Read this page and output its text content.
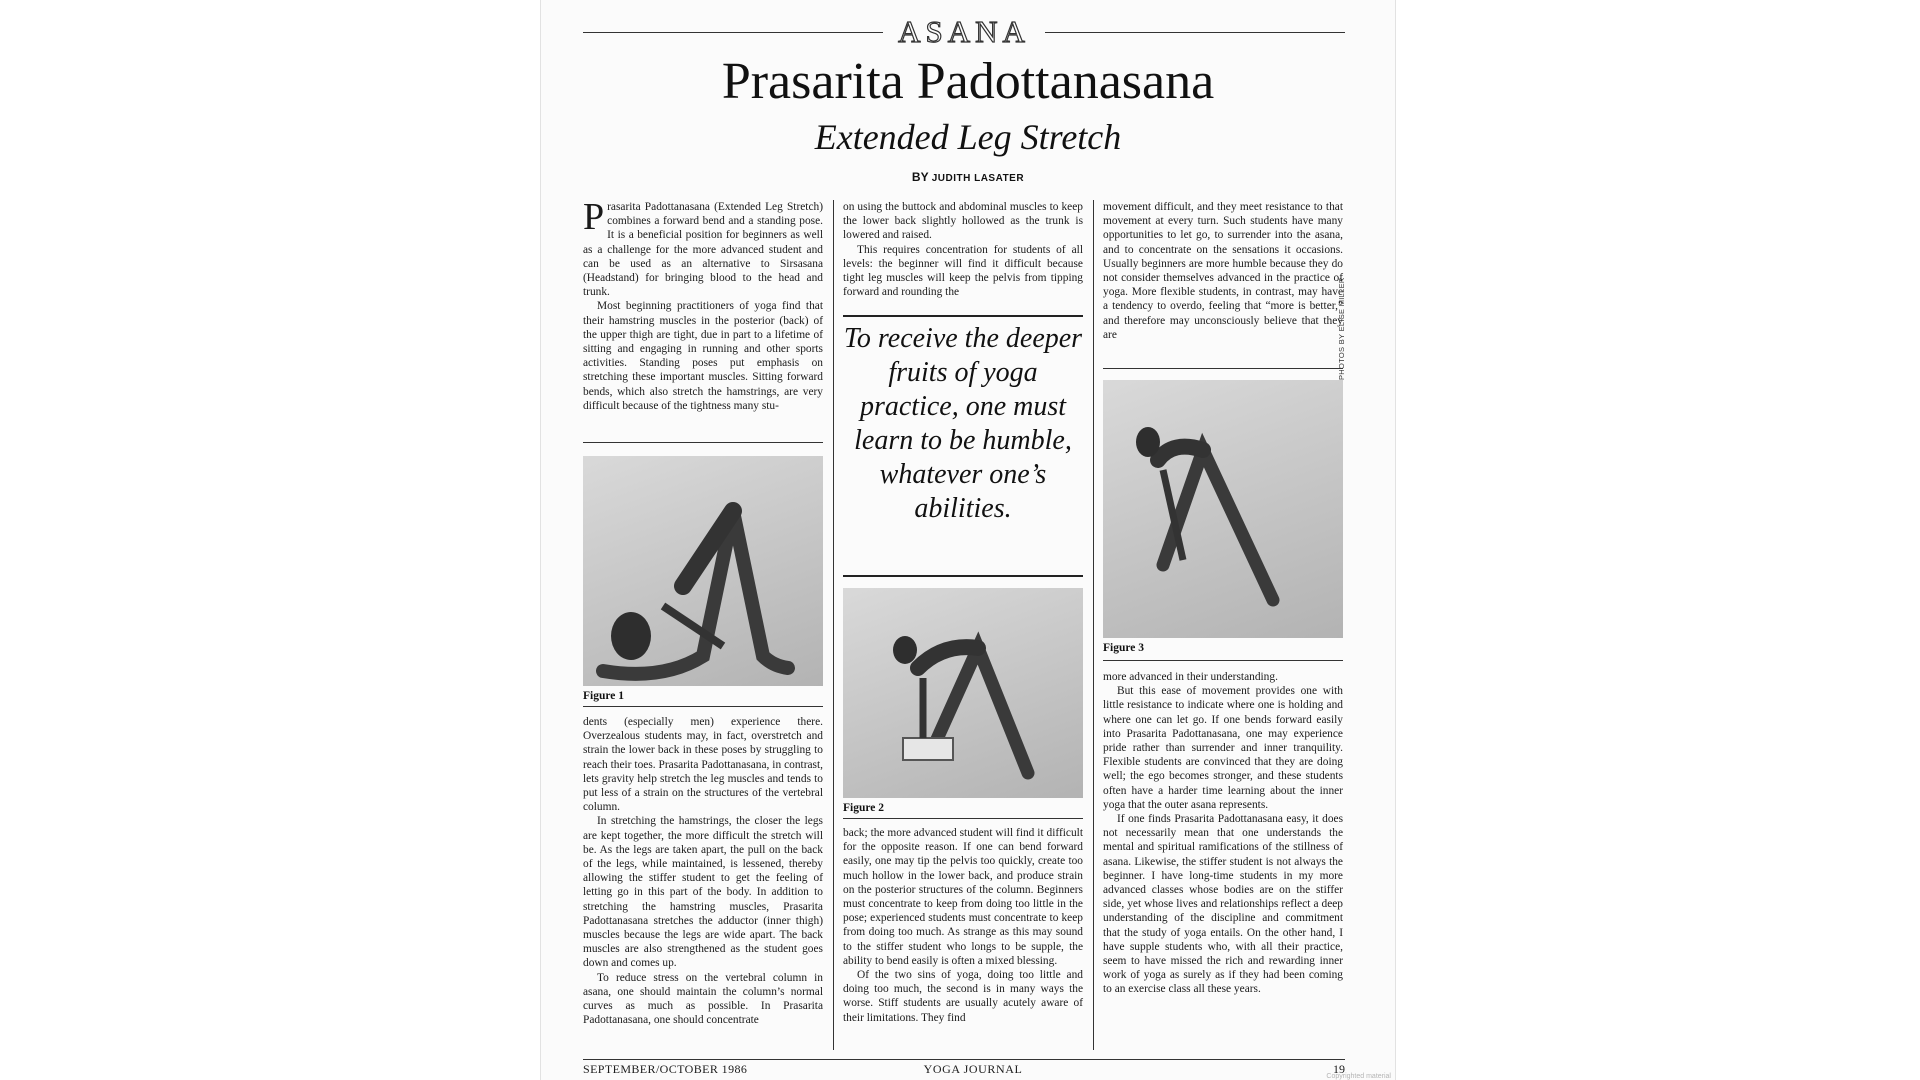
ASANA
Prasarita Padottanasana
Extended Leg Stretch
BY JUDITH LASATER

Prasarita Padottanasana (Extended Leg Stretch) combines a forward bend and a standing pose. It is a beneficial position for beginners as well as a challenge for the more advanced student and can be used as an alternative to Sirsasana (Headstand) for bringing blood to the head and trunk.

Most beginning practitioners of yoga find that their hamstring muscles in the posterior (back) of the upper thigh are tight, due in part to a lifetime of sitting and engaging in running and other sports activities. Standing poses put emphasis on stretching these important muscles. Sitting forward bends, which also stretch the hamstrings, are very difficult because of the tightness many stu-

Figure 1

dents (especially men) experience there. Overzealous students may, in fact, overstretch and strain the lower back in these poses by struggling to reach their toes. Prasarita Padottanasana, in contrast, lets gravity help stretch the leg muscles and tends to put less of a strain on the structures of the vertebral column.

In stretching the hamstrings, the closer the legs are kept together, the more difficult the stretch will be. As the legs are taken apart, the pull on the back of the legs, while maintained, is lessened, thereby allowing the stiffer student to get the feeling of letting go in this part of the body. In addition to stretching the hamstring muscles, Prasarita Padottanasana stretches the adductor (inner thigh) muscles because the legs are wide apart. The back muscles are also strengthened as the student goes down and comes up.

To reduce stress on the vertebral column in asana, one should maintain the column’s normal curves as much as possible. In Prasarita Padottanasana, one should concentrate

on using the buttock and abdominal muscles to keep the lower back slightly hollowed as the trunk is lowered and raised.

This requires concentration for students of all levels: the beginner will find it difficult because tight leg muscles will keep the pelvis from tipping forward and rounding the

To receive the deeper fruits of yoga practice, one must learn to be humble, whatever one’s abilities.
Figure 2

back; the more advanced student will find it difficult for the opposite reason. If one can bend forward easily, one may tip the pelvis too quickly, create too much hollow in the lower back, and produce strain on the posterior structures of the column. Beginners must concentrate to keep from doing too little in the pose; experienced students must concentrate to keep from doing too much. As strange as this may sound to the stiffer student who longs to be supple, the ability to bend easily is often a mixed blessing.

Of the two sins of yoga, doing too little and doing too much, the second is in many ways the worse. Stiff students are usually acutely aware of their limitations. They find

movement difficult, and they meet resistance to that movement at every turn. Such students have many opportunities to let go, to surrender into the asana, and to concentrate on the sensations it occasions. Usually beginners are more humble because they do not consider themselves advanced in the practice of yoga. More flexible students, in contrast, may have a tendency to overdo, feeling that “more is better,” and therefore may unconsciously believe that they are

Figure 3

more advanced in their understanding.

But this ease of movement provides one with little resistance to indicate where one is holding and where one can let go. If one bends forward easily into Prasarita Padottanasana, one may experience pride rather than surrender and inner tranquility. Flexible students are convinced that they are doing well; the ego becomes stronger, and these students often have a harder time learning about the inner yoga that the outer asana represents.

If one finds Prasarita Padottanasana easy, it does not necessarily mean that one understands the mental and spiritual ramifications of the stillness of asana. Likewise, the stiffer student is not always the beginner. I have long-time students in my more advanced classes whose bodies are on the stiffer side, yet whose lives and relationships reflect a deep understanding of the discipline and commitment that the study of yoga entails. On the other hand, I have supple students who, with all their practice, seem to have missed the rich and rewarding inner work of yoga as surely as if they had been coming to an exercise class all these years.

PHOTOS BY ELISE MILLER
SEPTEMBER/OCTOBER 1986	YOGA JOURNAL	19
Copyrighted material
